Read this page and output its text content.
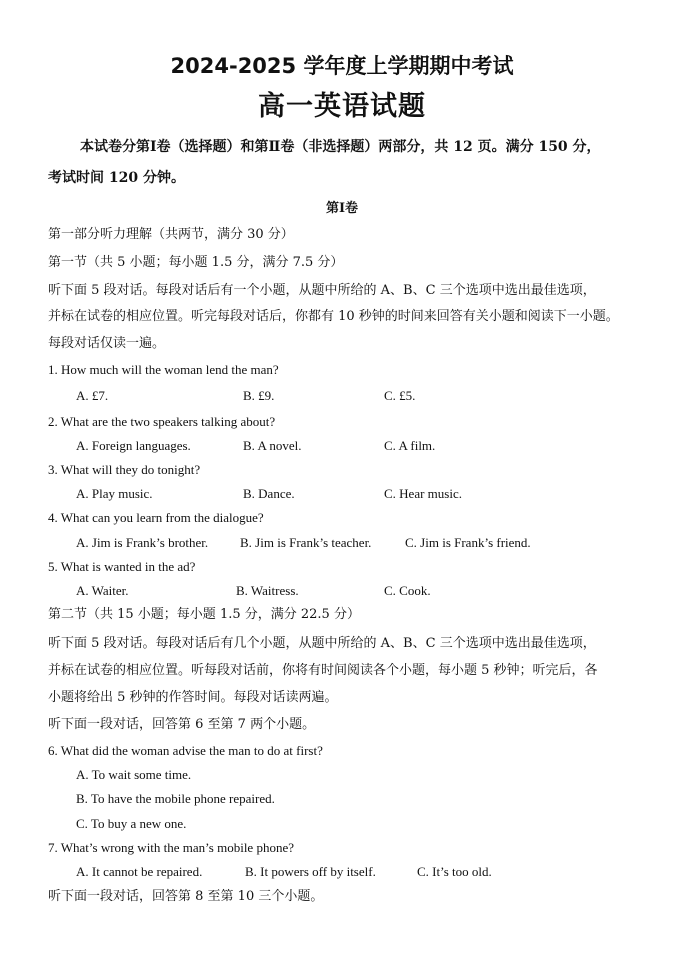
2024-2025 学年度上学期期中考试
高一英语试题
本试卷分第Ⅰ卷（选择题）和第Ⅱ卷（非选择题）两部分，共 12 页。满分 150 分，
考试时间 120 分钟。
第Ⅰ卷
第一部分听力理解（共两节，满分 30 分）
第一节（共 5 小题；每小题 1.5 分，满分 7.5 分）
听下面 5 段对话。每段对话后有一个小题，从题中所给的 A、B、C 三个选项中选出最佳选项，
并标在试卷的相应位置。听完每段对话后，你都有 10 秒钟的时间来回答有关小题和阅读下一小题。
每段对话仅读一遍。
1. How much will the woman lend the man?
A. £7.	B. £9.	C. £5.
2. What are the two speakers talking about?
A. Foreign languages.	B. A novel.	C. A film.
3. What will they do tonight?
A. Play music.	B. Dance.	C. Hear music.
4. What can you learn from the dialogue?
A. Jim is Frank’s brother. B. Jim is Frank’s teacher.	C. Jim is Frank’s friend.
5. What is wanted in the ad?
A. Waiter.	B. Waitress.	C. Cook.
第二节（共 15 小题；每小题 1.5 分，满分 22.5 分）
听下面 5 段对话。每段对话后有几个小题，从题中所给的 A、B、C 三个选项中选出最佳选项，
并标在试卷的相应位置。听每段对话前，你将有时间阅读各个小题，每小题 5 秒钟；听完后，各
小题将给出 5 秒钟的作答时间。每段对话读两遍。
听下面一段对话，回答第 6 至第 7 两个小题。
6. What did the woman advise the man to do at first?
A. To wait some time.
B. To have the mobile phone repaired.
C. To buy a new one.
7. What’s wrong with the man’s mobile phone?
A. It cannot be repaired.	B. It powers off by itself.	C. It’s too old.
听下面一段对话，回答第 8 至第 10 三个小题。
